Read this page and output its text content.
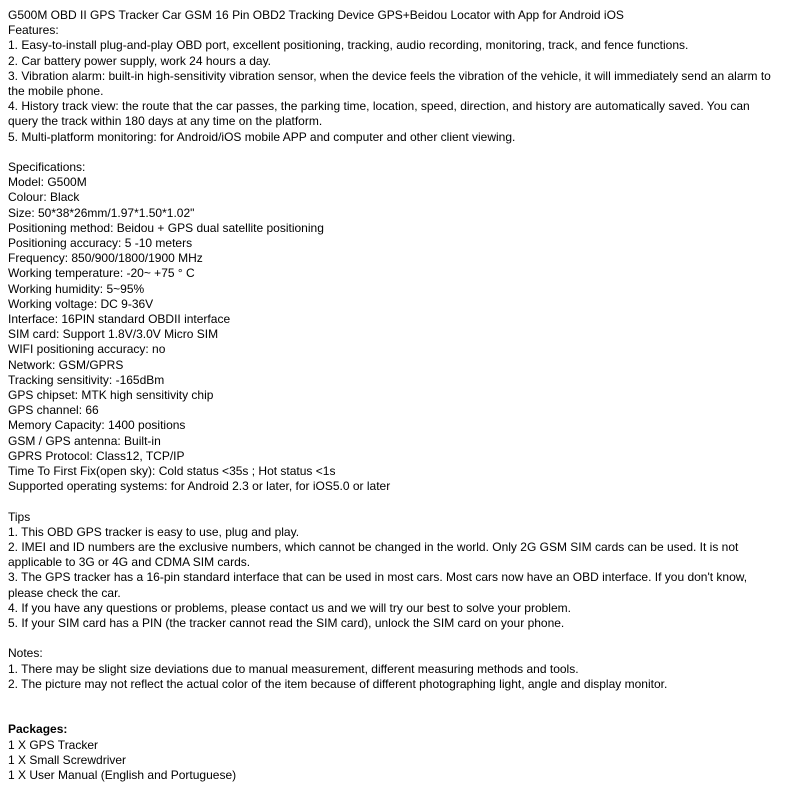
G500M OBD II GPS Tracker Car GSM 16 Pin OBD2 Tracking Device GPS+Beidou Locator with App for Android iOS
Features:
1. Easy-to-install plug-and-play OBD port, excellent positioning, tracking, audio recording, monitoring, track, and fence functions.
2. Car battery power supply, work 24 hours a day.
3. Vibration alarm: built-in high-sensitivity vibration sensor, when the device feels the vibration of the vehicle, it will immediately send an alarm to the mobile phone.
4. History track view: the route that the car passes, the parking time, location, speed, direction, and history are automatically saved. You can query the track within 180 days at any time on the platform.
5. Multi-platform monitoring: for Android/iOS mobile APP and computer and other client viewing.
Specifications:
Model: G500M
Colour: Black
Size: 50*38*26mm/1.97*1.50*1.02"
Positioning method: Beidou + GPS dual satellite positioning
Positioning accuracy: 5 -10 meters
Frequency: 850/900/1800/1900 MHz
Working temperature: -20~ +75 ° C
Working humidity: 5~95%
Working voltage: DC 9-36V
Interface: 16PIN standard OBDII interface
SIM card: Support 1.8V/3.0V Micro SIM
WIFI positioning accuracy: no
Network: GSM/GPRS
Tracking sensitivity: -165dBm
GPS chipset: MTK high sensitivity chip
GPS channel: 66
Memory Capacity: 1400 positions
GSM / GPS antenna: Built-in
GPRS Protocol: Class12, TCP/IP
Time To First Fix(open sky): Cold status <35s ; Hot status <1s
Supported operating systems: for Android 2.3 or later, for iOS5.0 or later
Tips
1. This OBD GPS tracker is easy to use, plug and play.
2. IMEI and ID numbers are the exclusive numbers, which cannot be changed in the world. Only 2G GSM SIM cards can be used. It is not applicable to 3G or 4G and CDMA SIM cards.
3. The GPS tracker has a 16-pin standard interface that can be used in most cars. Most cars now have an OBD interface. If you don't know, please check the car.
4. If you have any questions or problems, please contact us and we will try our best to solve your problem.
5. If your SIM card has a PIN (the tracker cannot read the SIM card), unlock the SIM card on your phone.
Notes:
1. There may be slight size deviations due to manual measurement, different measuring methods and tools.
2. The picture may not reflect the actual color of the item because of different photographing light, angle and display monitor.
Packages:
1 X GPS Tracker
1 X Small Screwdriver
1 X User Manual (English and Portuguese)
